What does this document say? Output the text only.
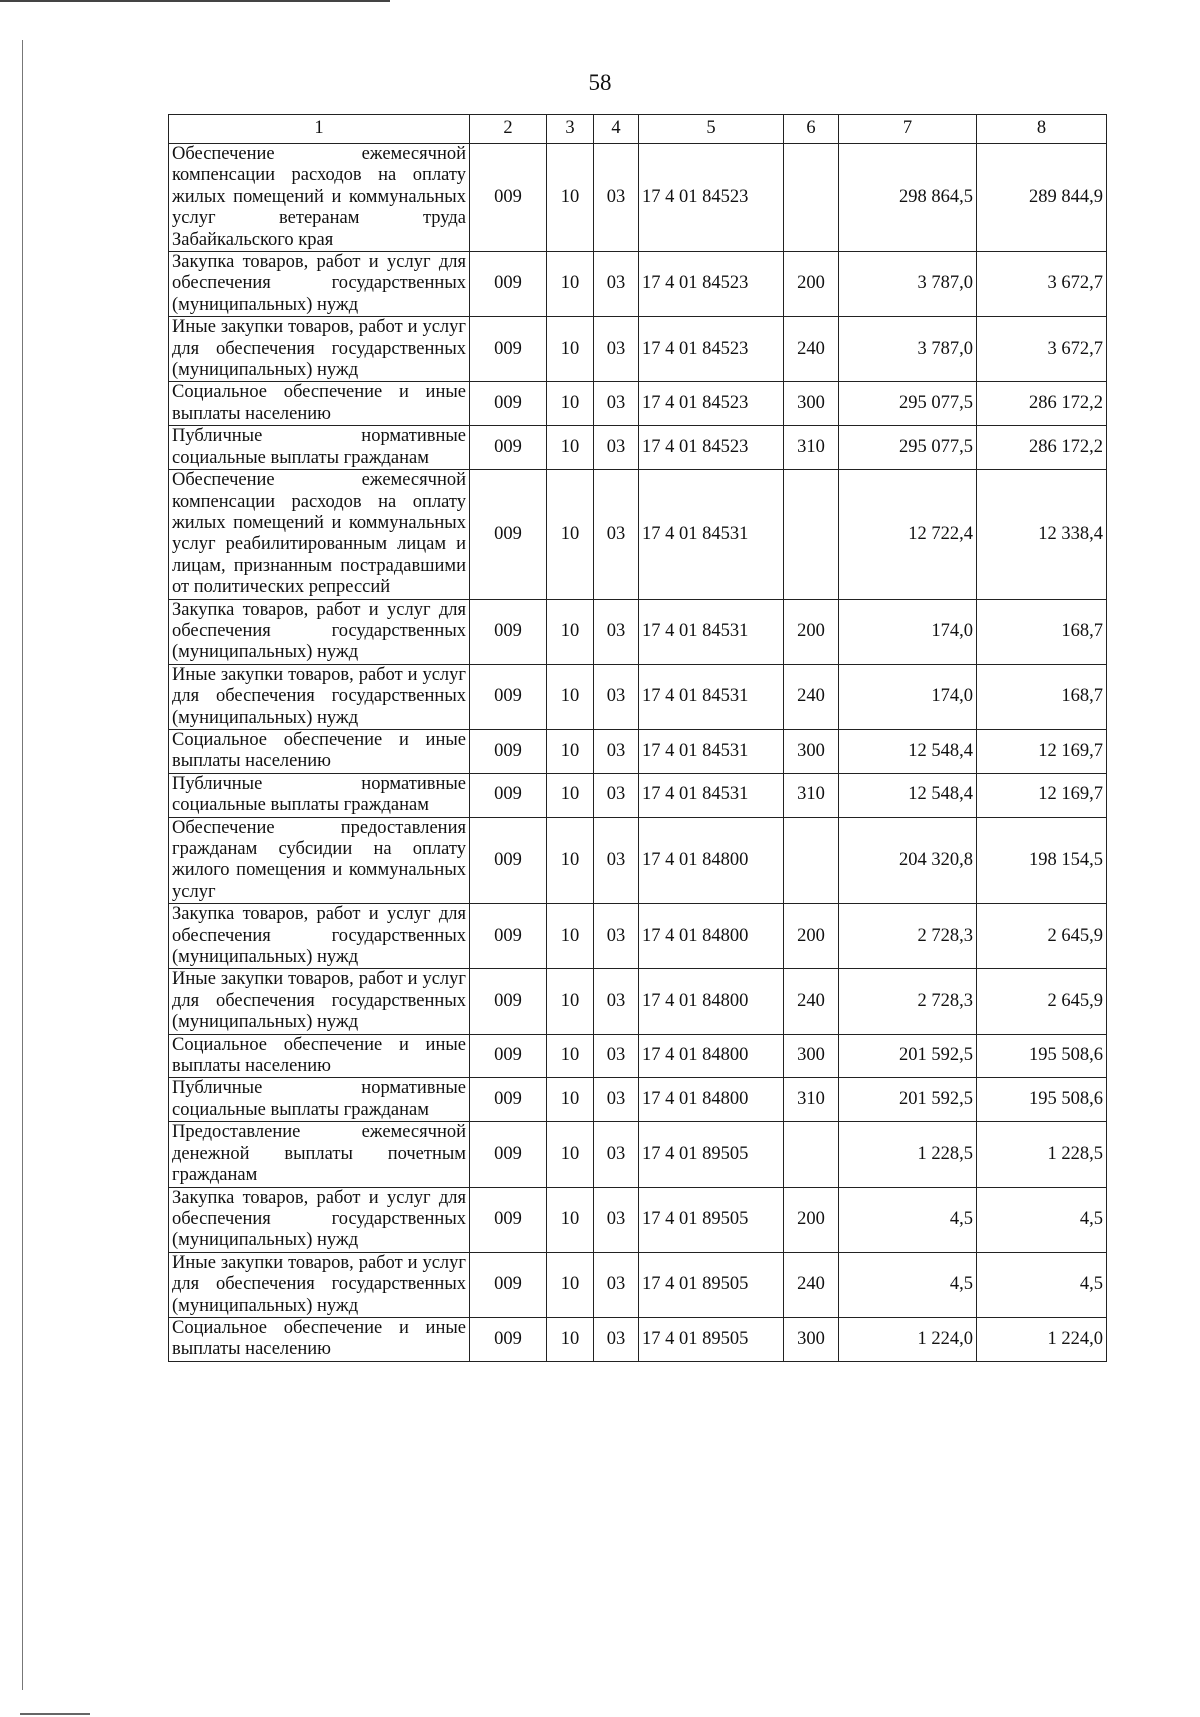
58
1	2	3	4	5	6	7	8
Обеспечение ежемесячной компенсации расходов на оплату жилых помещений и коммунальных услуг ветеранам труда Забайкальского края	009	10	03	17 4 01 84523		298 864,5	289 844,9
Закупка товаров, работ и услуг для обеспечения государственных (муниципальных) нужд	009	10	03	17 4 01 84523	200	3 787,0	3 672,7
Иные закупки товаров, работ и услуг для обеспечения государственных (муниципальных) нужд	009	10	03	17 4 01 84523	240	3 787,0	3 672,7
Социальное обеспечение и иные выплаты населению	009	10	03	17 4 01 84523	300	295 077,5	286 172,2
Публичные нормативные социальные выплаты гражданам	009	10	03	17 4 01 84523	310	295 077,5	286 172,2
Обеспечение ежемесячной компенсации расходов на оплату жилых помещений и коммунальных услуг реабилитированным лицам и лицам, признанным пострадавшими от политических репрессий	009	10	03	17 4 01 84531		12 722,4	12 338,4
Закупка товаров, работ и услуг для обеспечения государственных (муниципальных) нужд	009	10	03	17 4 01 84531	200	174,0	168,7
Иные закупки товаров, работ и услуг для обеспечения государственных (муниципальных) нужд	009	10	03	17 4 01 84531	240	174,0	168,7
Социальное обеспечение и иные выплаты населению	009	10	03	17 4 01 84531	300	12 548,4	12 169,7
Публичные нормативные социальные выплаты гражданам	009	10	03	17 4 01 84531	310	12 548,4	12 169,7
Обеспечение предоставления гражданам субсидии на оплату жилого помещения и коммунальных услуг	009	10	03	17 4 01 84800		204 320,8	198 154,5
Закупка товаров, работ и услуг для обеспечения государственных (муниципальных) нужд	009	10	03	17 4 01 84800	200	2 728,3	2 645,9
Иные закупки товаров, работ и услуг для обеспечения государственных (муниципальных) нужд	009	10	03	17 4 01 84800	240	2 728,3	2 645,9
Социальное обеспечение и иные выплаты населению	009	10	03	17 4 01 84800	300	201 592,5	195 508,6
Публичные нормативные социальные выплаты гражданам	009	10	03	17 4 01 84800	310	201 592,5	195 508,6
Предоставление ежемесячной денежной выплаты почетным гражданам	009	10	03	17 4 01 89505		1 228,5	1 228,5
Закупка товаров, работ и услуг для обеспечения государственных (муниципальных) нужд	009	10	03	17 4 01 89505	200	4,5	4,5
Иные закупки товаров, работ и услуг для обеспечения государственных (муниципальных) нужд	009	10	03	17 4 01 89505	240	4,5	4,5
Социальное обеспечение и иные выплаты населению	009	10	03	17 4 01 89505	300	1 224,0	1 224,0
